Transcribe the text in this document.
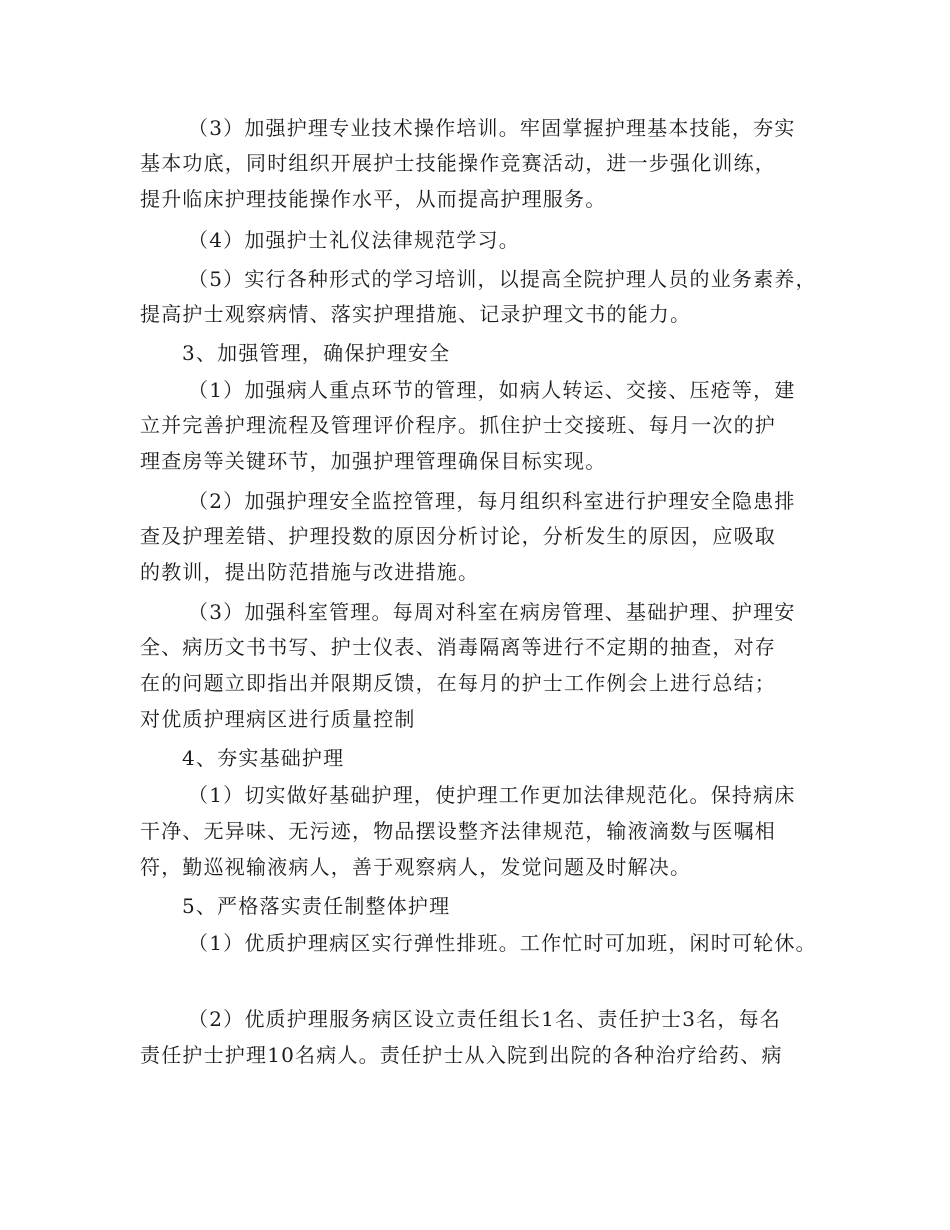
（3）加强护理专业技术操作培训。牢固掌握护理基本技能，夯实
基本功底，同时组织开展护士技能操作竞赛活动，进一步强化训练，
提升临床护理技能操作水平，从而提高护理服务。
（4）加强护士礼仪法律规范学习。
（5）实行各种形式的学习培训，以提高全院护理人员的业务素养，
提高护士观察病情、落实护理措施、记录护理文书的能力。
3、加强管理，确保护理安全
（1）加强病人重点环节的管理，如病人转运、交接、压疮等，建
立并完善护理流程及管理评价程序。抓住护士交接班、每月一次的护
理查房等关键环节，加强护理管理确保目标实现。
（2）加强护理安全监控管理，每月组织科室进行护理安全隐患排
查及护理差错、护理投数的原因分析讨论，分析发生的原因，应吸取
的教训，提出防范措施与改进措施。
（3）加强科室管理。每周对科室在病房管理、基础护理、护理安
全、病历文书书写、护士仪表、消毒隔离等进行不定期的抽查，对存
在的问题立即指出并限期反馈，在每月的护士工作例会上进行总结；
对优质护理病区进行质量控制
4、夯实基础护理
（1）切实做好基础护理，使护理工作更加法律规范化。保持病床
干净、无异味、无污迹，物品摆设整齐法律规范，输液滴数与医嘱相
符，勤巡视输液病人，善于观察病人，发觉问题及时解决。
5、严格落实责任制整体护理
（1）优质护理病区实行弹性排班。工作忙时可加班，闲时可轮休。
（2）优质护理服务病区设立责任组长1名、责任护士3名，每名
责任护士护理10名病人。责任护士从入院到出院的各种治疗给药、病
